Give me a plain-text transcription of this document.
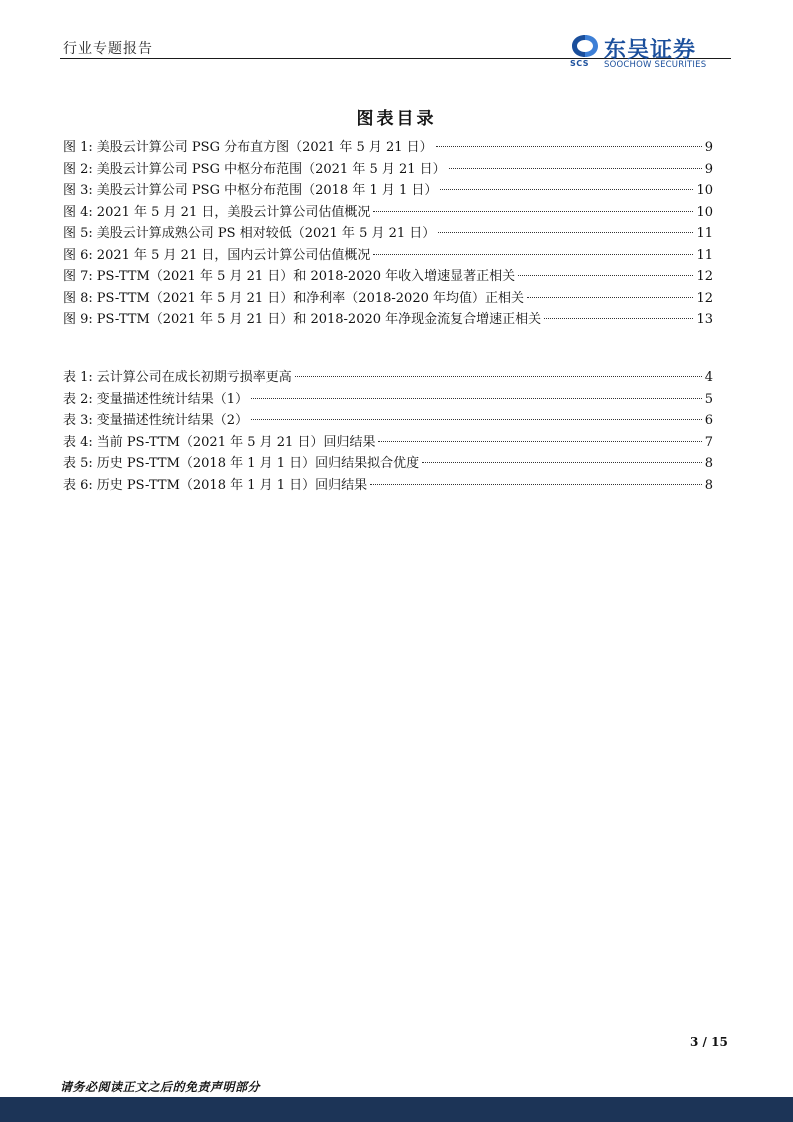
行业专题报告
SCS
东吴证券
SOOCHOW SECURITIES
图表目录
图 1: 美股云计算公司 PSG 分布直方图（2021 年 5 月 21 日）	9
图 2: 美股云计算公司 PSG 中枢分布范围（2021 年 5 月 21 日）	9
图 3: 美股云计算公司 PSG 中枢分布范围（2018 年 1 月 1 日）	10
图 4: 2021 年 5 月 21 日，美股云计算公司估值概况	10
图 5: 美股云计算成熟公司 PS 相对较低（2021 年 5 月 21 日）	11
图 6: 2021 年 5 月 21 日，国内云计算公司估值概况	11
图 7: PS-TTM（2021 年 5 月 21 日）和 2018-2020 年收入增速显著正相关	12
图 8: PS-TTM（2021 年 5 月 21 日）和净利率（2018-2020 年均值）正相关	12
图 9: PS-TTM（2021 年 5 月 21 日）和 2018-2020 年净现金流复合增速正相关	13
表 1: 云计算公司在成长初期亏损率更高	4
表 2: 变量描述性统计结果（1）	5
表 3: 变量描述性统计结果（2）	6
表 4: 当前 PS-TTM（2021 年 5 月 21 日）回归结果	7
表 5: 历史 PS-TTM（2018 年 1 月 1 日）回归结果拟合优度	8
表 6: 历史 PS-TTM（2018 年 1 月 1 日）回归结果	8
3 / 15
请务必阅读正文之后的免责声明部分
